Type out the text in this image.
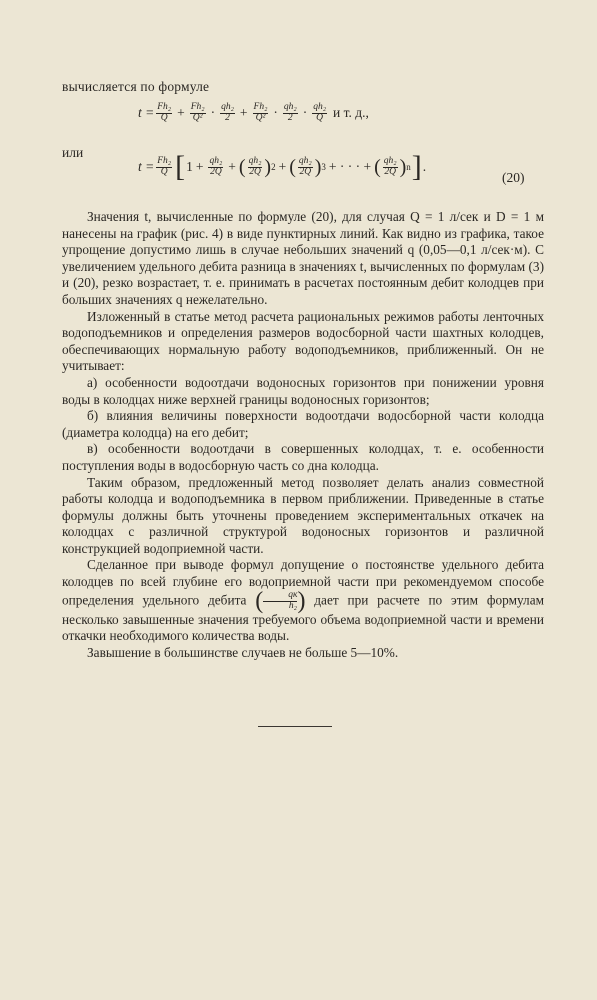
вычисляется по формуле
$t = \frac{\text{Fh₂}}{Q} + \frac{\text{Fh₂}}{\text{Q²}} \cdot \frac{\text{qh₂}}{2} + \frac{\text{Fh₂}}{\text{Q²}} \cdot \frac{\text{qh₂}}{2} \cdot \frac{\text{qh₂}}{Q}$ и т. д.,
или
$t = \frac{\text{Fh₂}}{Q}$ [ $1 + \frac{\text{qh₂}}{2Q}$ + ( $\frac{\text{qh₂}}{2Q}$ ) 2 + ( $\frac{\text{qh₂}}{2Q}$ ) 3 + · · · + ( $\frac{\text{qh₂}}{2Q}$ ) n ] .
(20)

Значения t, вычисленные по формуле (20), для случая Q = 1 л/сек и D = 1 м нанесены на график (рис. 4) в виде пунктирных линий. Как видно из графика, такое упрощение допустимо лишь в случае небольших значений q (0,05—0,1 л/сек·м). С увеличением удельного дебита разница в значениях t, вычисленных по формулам (3) и (20), резко возрастает, т. е. принимать в расчетах постоянным дебит колодцев при больших значениях q нежелательно.

Изложенный в статье метод расчета рациональных режимов работы ленточных водоподъемников и определения размеров водосборной части шахтных колодцев, обеспечивающих нормальную работу водоподъемников, приближенный. Он не учитывает:

а) особенности водоотдачи водоносных горизонтов при понижении уровня воды в колодцах ниже верхней границы водоносных горизонтов;

б) влияния величины поверхности водоотдачи водосборной части колодца (диаметра колодца) на его дебит;

в) особенности водоотдачи в совершенных колодцах, т. е. особенности поступления воды в водосборную часть со дна колодца.

Таким образом, предложенный метод позволяет делать анализ совместной работы колодца и водоподъемника в первом приближении. Приведенные в статье формулы должны быть уточнены проведением экспериментальных откачек на колодцах с различной структурой водоносных горизонтов и различной конструкцией водоприемной части.

Сделанное при выводе формул допущение о постоянстве удельного дебита колодцев по всей глубине его водоприемной части при рекомендуемом способе определения удельного дебита ( $\frac{qк}{\text{h₂}}$ ) дает при расчете по этим формулам несколько завышенные значения требуемого объема водоприемной части и времени откачки необходимого количества воды.

Завышение в большинстве случаев не больше 5—10%.
